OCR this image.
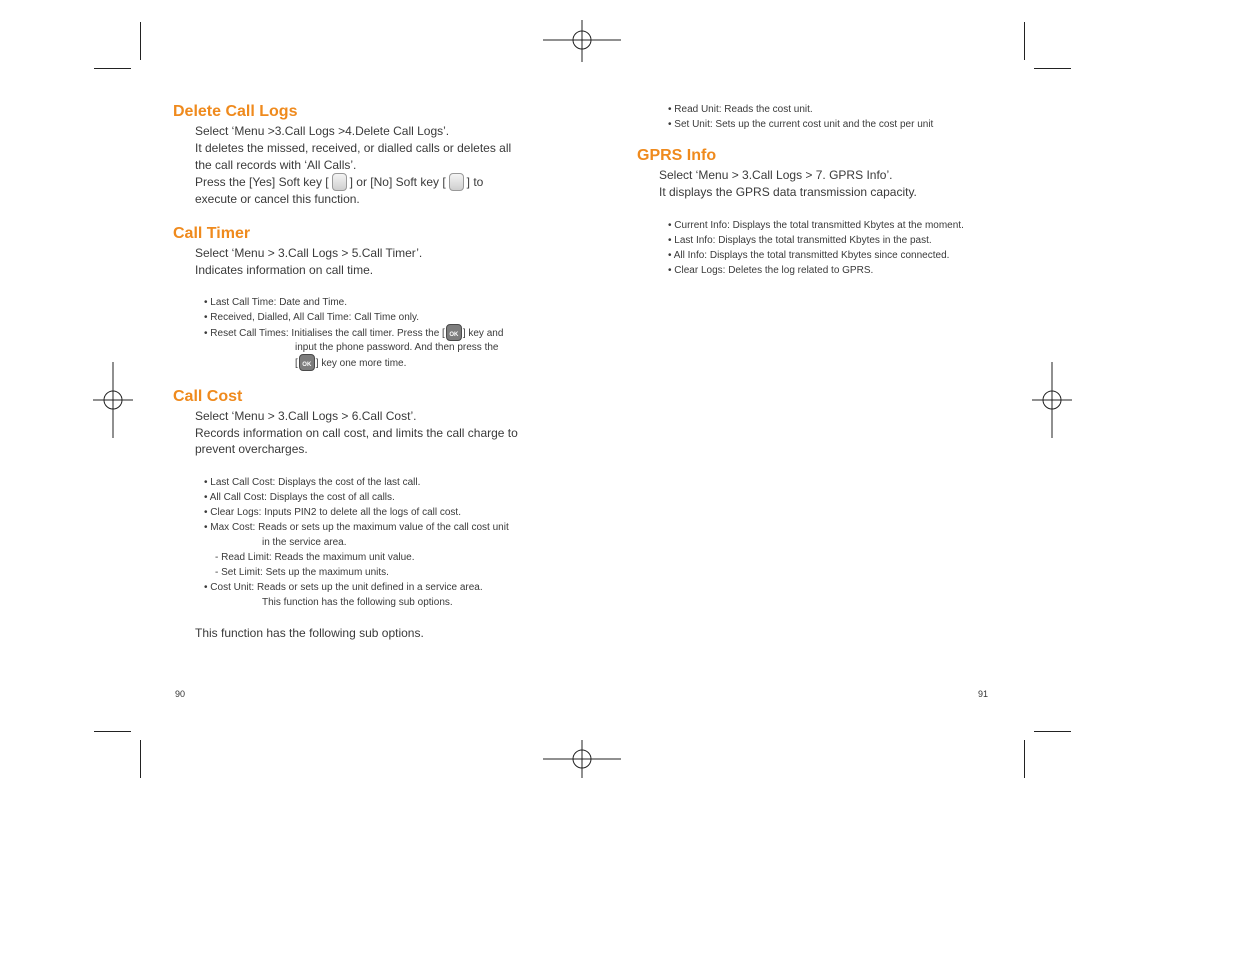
Delete Call Logs
Select ‘Menu >3.Call Logs >4.Delete Call Logs’.
It deletes the missed, received, or dialled calls or deletes all
the call records with ‘All Calls’.
Press the [Yes] Soft key [ ] or [No] Soft key [ ] to
execute or cancel this function.
Call Timer
Select ‘Menu > 3.Call Logs > 5.Call Timer’.
Indicates information on call time.
• Last Call Time: Date and Time.
• Received, Dialled, All Call Time: Call Time only.
• Reset Call Times: Initialises the call timer. Press the [ OK ] key and
input the phone password. And then press the
[ OK ] key one more time.
Call Cost
Select ‘Menu > 3.Call Logs > 6.Call Cost’.
Records information on call cost, and limits the call charge to
prevent overcharges.
• Last Call Cost: Displays the cost of the last call.
• All Call Cost: Displays the cost of all calls.
• Clear Logs: Inputs PIN2 to delete all the logs of call cost.
• Max Cost: Reads or sets up the maximum value of the call cost unit
in the service area.
- Read Limit: Reads the maximum unit value.
- Set Limit: Sets up the maximum units.
• Cost Unit: Reads or sets up the unit defined in a service area.
This function has the following sub options.
This function has the following sub options.
90
• Read Unit: Reads the cost unit.
• Set Unit: Sets up the current cost unit and the cost per unit
GPRS Info
Select ‘Menu > 3.Call Logs > 7. GPRS Info’.
It displays the GPRS data transmission capacity.
• Current Info: Displays the total transmitted Kbytes at the moment.
• Last Info: Displays the total transmitted Kbytes in the past.
• All Info: Displays the total transmitted Kbytes since connected.
• Clear Logs: Deletes the log related to GPRS.
91
